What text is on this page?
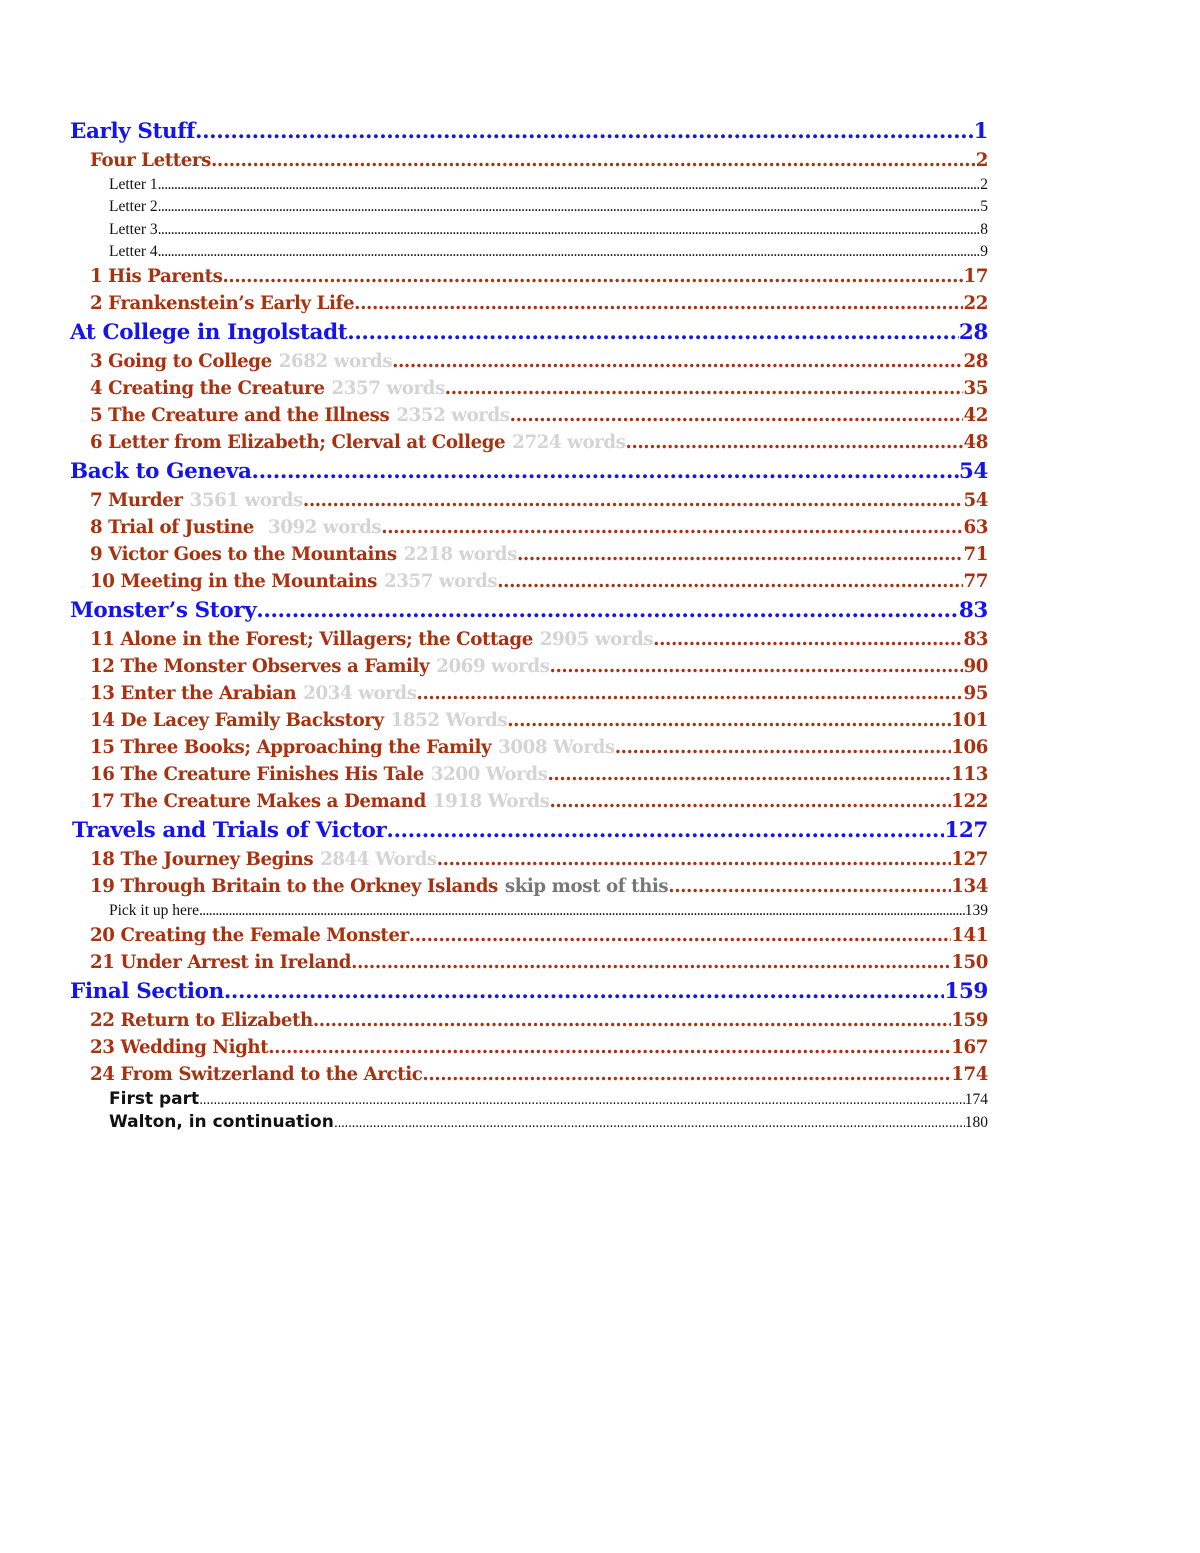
Early Stuff .....	1
Four Letters .....	2
Letter 1 .....	2
Letter 2 .....	5
Letter 3 .....	8
Letter 4 .....	9
1 His Parents .....	17
2 Frankenstein’s Early Life .....	22
At College in Ingolstadt .....	28
3 Going to College 2682 words .....	28
4 Creating the Creature 2357 words .....	35
5 The Creature and the Illness 2352 words .....	42
6 Letter from Elizabeth; Clerval at College 2724 words .....	48
Back to Geneva .....	54
7 Murder 3561 words .....	54
8 Trial of Justine 3092 words .....	63
9 Victor Goes to the Mountains 2218 words .....	71
10 Meeting in the Mountains 2357 words .....	77
Monster’s Story .....	83
11 Alone in the Forest; Villagers; the Cottage 2905 words .....	83
12 The Monster Observes a Family 2069 words .....	90
13 Enter the Arabian 2034 words .....	95
14 De Lacey Family Backstory 1852 Words .....	101
15 Three Books; Approaching the Family 3008 Words .....	106
16 The Creature Finishes His Tale 3200 Words .....	113
17 The Creature Makes a Demand 1918 Words .....	122
Travels and Trials of Victor .....	127
18 The Journey Begins 2844 Words .....	127
19 Through Britain to the Orkney Islands skip most of this .....	134
Pick it up here .....	139
20 Creating the Female Monster .....	141
21 Under Arrest in Ireland .....	150
Final Section .....	159
22 Return to Elizabeth .....	159
23 Wedding Night .....	167
24 From Switzerland to the Arctic .....	174
First part .....	174
Walton, in continuation .....	180
